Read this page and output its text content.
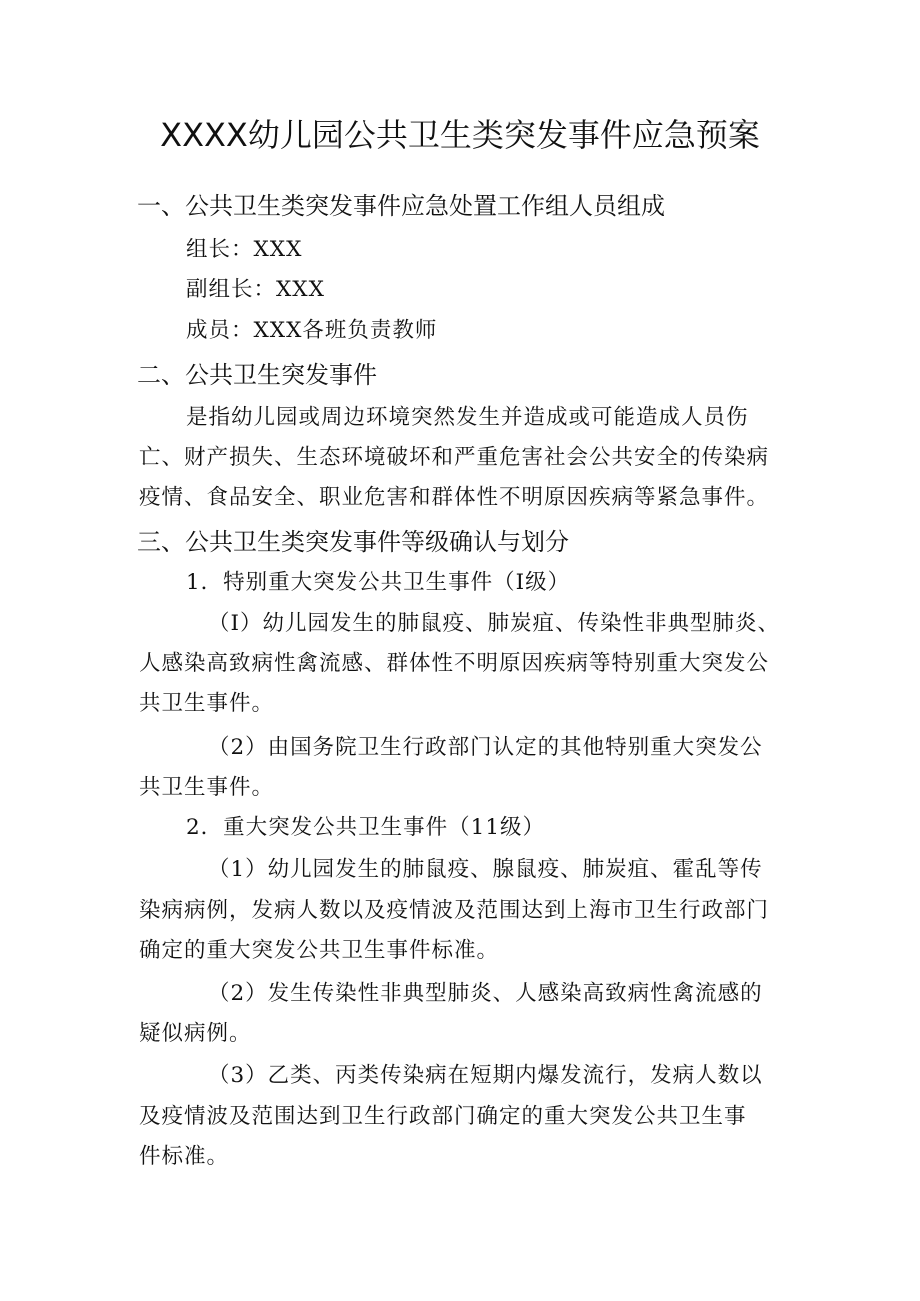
XXXX幼儿园公共卫生类突发事件应急预案
一、公共卫生类突发事件应急处置工作组人员组成
组长：XXX
副组长：XXX
成员：XXX各班负责教师
二、公共卫生突发事件
是指幼儿园或周边环境突然发生并造成或可能造成人员伤
亡、财产损失、生态环境破坏和严重危害社会公共安全的传染病
疫情、食品安全、职业危害和群体性不明原因疾病等紧急事件。
三、公共卫生类突发事件等级确认与划分
1．特别重大突发公共卫生事件（I级）
（I）幼儿园发生的肺鼠疫、肺炭疽、传染性非典型肺炎、
人感染高致病性禽流感、群体性不明原因疾病等特别重大突发公
共卫生事件。
（2）由国务院卫生行政部门认定的其他特别重大突发公
共卫生事件。
2．重大突发公共卫生事件（11级）
（1）幼儿园发生的肺鼠疫、腺鼠疫、肺炭疽、霍乱等传
染病病例，发病人数以及疫情波及范围达到上海市卫生行政部门
确定的重大突发公共卫生事件标准。
（2）发生传染性非典型肺炎、人感染高致病性禽流感的
疑似病例。
（3）乙类、丙类传染病在短期内爆发流行，发病人数以
及疫情波及范围达到卫生行政部门确定的重大突发公共卫生事
件标准。
